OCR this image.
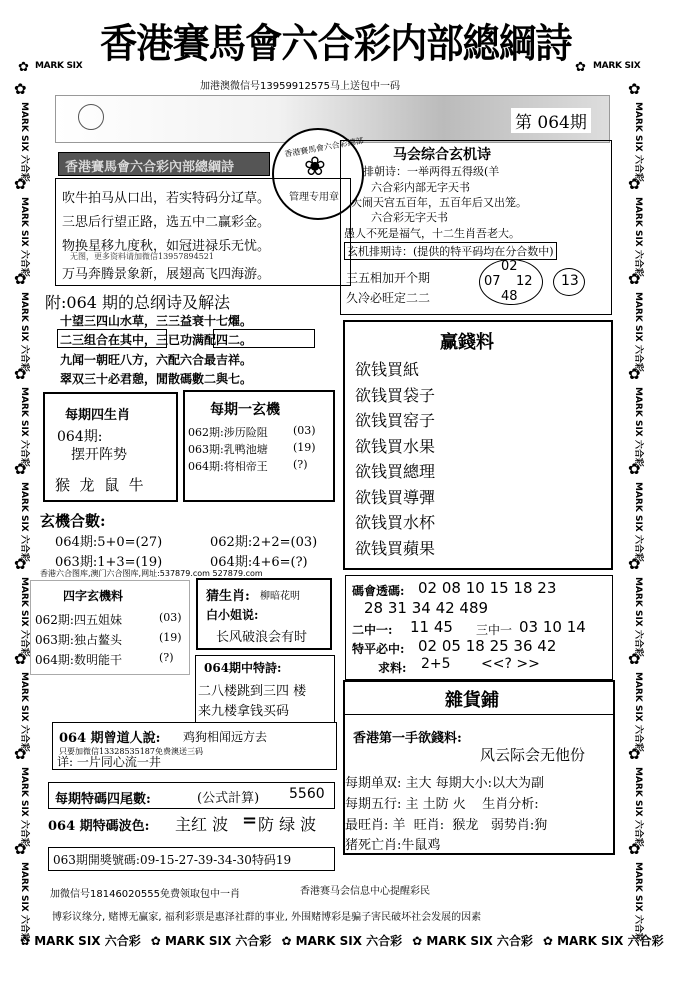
MARK SIX
✿	✿ MARK SIX
✿
MARK SIX 六合彩
✿
MARK SIX 六合彩
✿
MARK SIX 六合彩
✿
MARK SIX 六合彩
✿
MARK SIX 六合彩
✿
MARK SIX 六合彩
✿
MARK SIX 六合彩
✿
MARK SIX 六合彩
✿
MARK SIX 六合彩
✿
MARK SIX 六合彩
✿
MARK SIX 六合彩
✿
MARK SIX 六合彩
✿
MARK SIX 六合彩
✿
MARK SIX 六合彩
✿
MARK SIX 六合彩
✿
MARK SIX 六合彩
✿
MARK SIX 六合彩
✿
MARK SIX 六合彩
✿ MARK SIX 六合彩 ✿ MARK SIX 六合彩 ✿ MARK SIX 六合彩 ✿ MARK SIX 六合彩 ✿ MARK SIX 六合彩
香港賽馬會六合彩内部總綱詩
加港澳微信号13959912575马上送包中一码
第 064期
香港賽馬會六合彩內部總綱詩
香港賽馬會六合彩總部
❀
管理专用章
吹牛拍马从口出，若实特码分辽草。
三思后行望正路，选五中二赢彩金。
物换星移九度秋，如冠进禄乐无忧。
无图，更多资料请加微信13957894521
万马奔腾景象新，展翅高飞四海游。
马会综合玄机诗
排朝诗：一举两得五得级(羊
六合彩内部无字天书
大闹天宫五百年，五百年后又出笼。
六合彩无字天书
愚人不死是福气，十二生肖吾老大。
玄机排期诗：(提供的特平码均在分合数中)
三五相加开个期
久冷必旺定二二
02
07 12
48
13
附:064 期的总纲诗及解法
十望三四山水草，三三益衰十七燿。
二三组合在其中，三已功满配四二。
九闻一朝旺八方，六配六合最吉祥。
翠双三十必君憩，閒散碼數二與七。
赢錢料
欲钱買紙
欲钱買袋子
欲钱買窑子
欲钱買水果
欲钱買總理
欲钱買導彈
欲钱買水杯
欲钱買蘋果
每期四生肖
064期:
摆开阵势
猴  龙  鼠  牛
每期一玄機
062期:涉历险阻 (03)
063期:乳鸭池塘 (19)
064期:将相帝王 (?)
玄機合數:
064期:5+0=(27)	062期:2+2=(03)
063期:1+3=(19)	064期:4+6=(?)
香港六合图库,澳门六合图库,网址:537879.com 527879.com
四字玄機料
062期:四五姐妹	(03)
063期:独占鳌头	(19)
064期:数明能干	(?)
猜生肖: 柳暗花明
白小姐说:
长风破浪会有时
064期中特詩:
二八楼跳到三四 楼
来九楼拿钱买码
碼會透碼: 02 08 10 15 18 23
28 31 34 42 489
二中一: 11 45 三中一 03 10 14
特平必中: 02 05 18 25 36 42
求料: 2+5 <<? >>
雜貨鋪
香港第一手欲錢料:
风云际会无他份
每期单双: 主大 每期大小:以大为副
每期五行: 主 土防 火    生肖分析:
最旺肖: 羊  旺肖:  猴龙   弱势肖:狗
猪死亡肖:牛鼠鸡
064 期曾道人說: 鸡狗相闻远方去
只要加微信13328535187免费澳送三码
详: 一片同心流一井
每期特碼四尾數:	(公式計算) 5560
064 期特碼波色: 主红 波 = 防 绿 波
063期開獎號碼:09-15-27-39-34-30特码19
加微信号18146020555免费领取包中一肖	香港赛马会信息中心提醒彩民
博彩议缘分, 赌博无赢家, 福利彩票是惠泽社群的事业, 外围赌博彩是骗子害民破坏社会发展的因素
